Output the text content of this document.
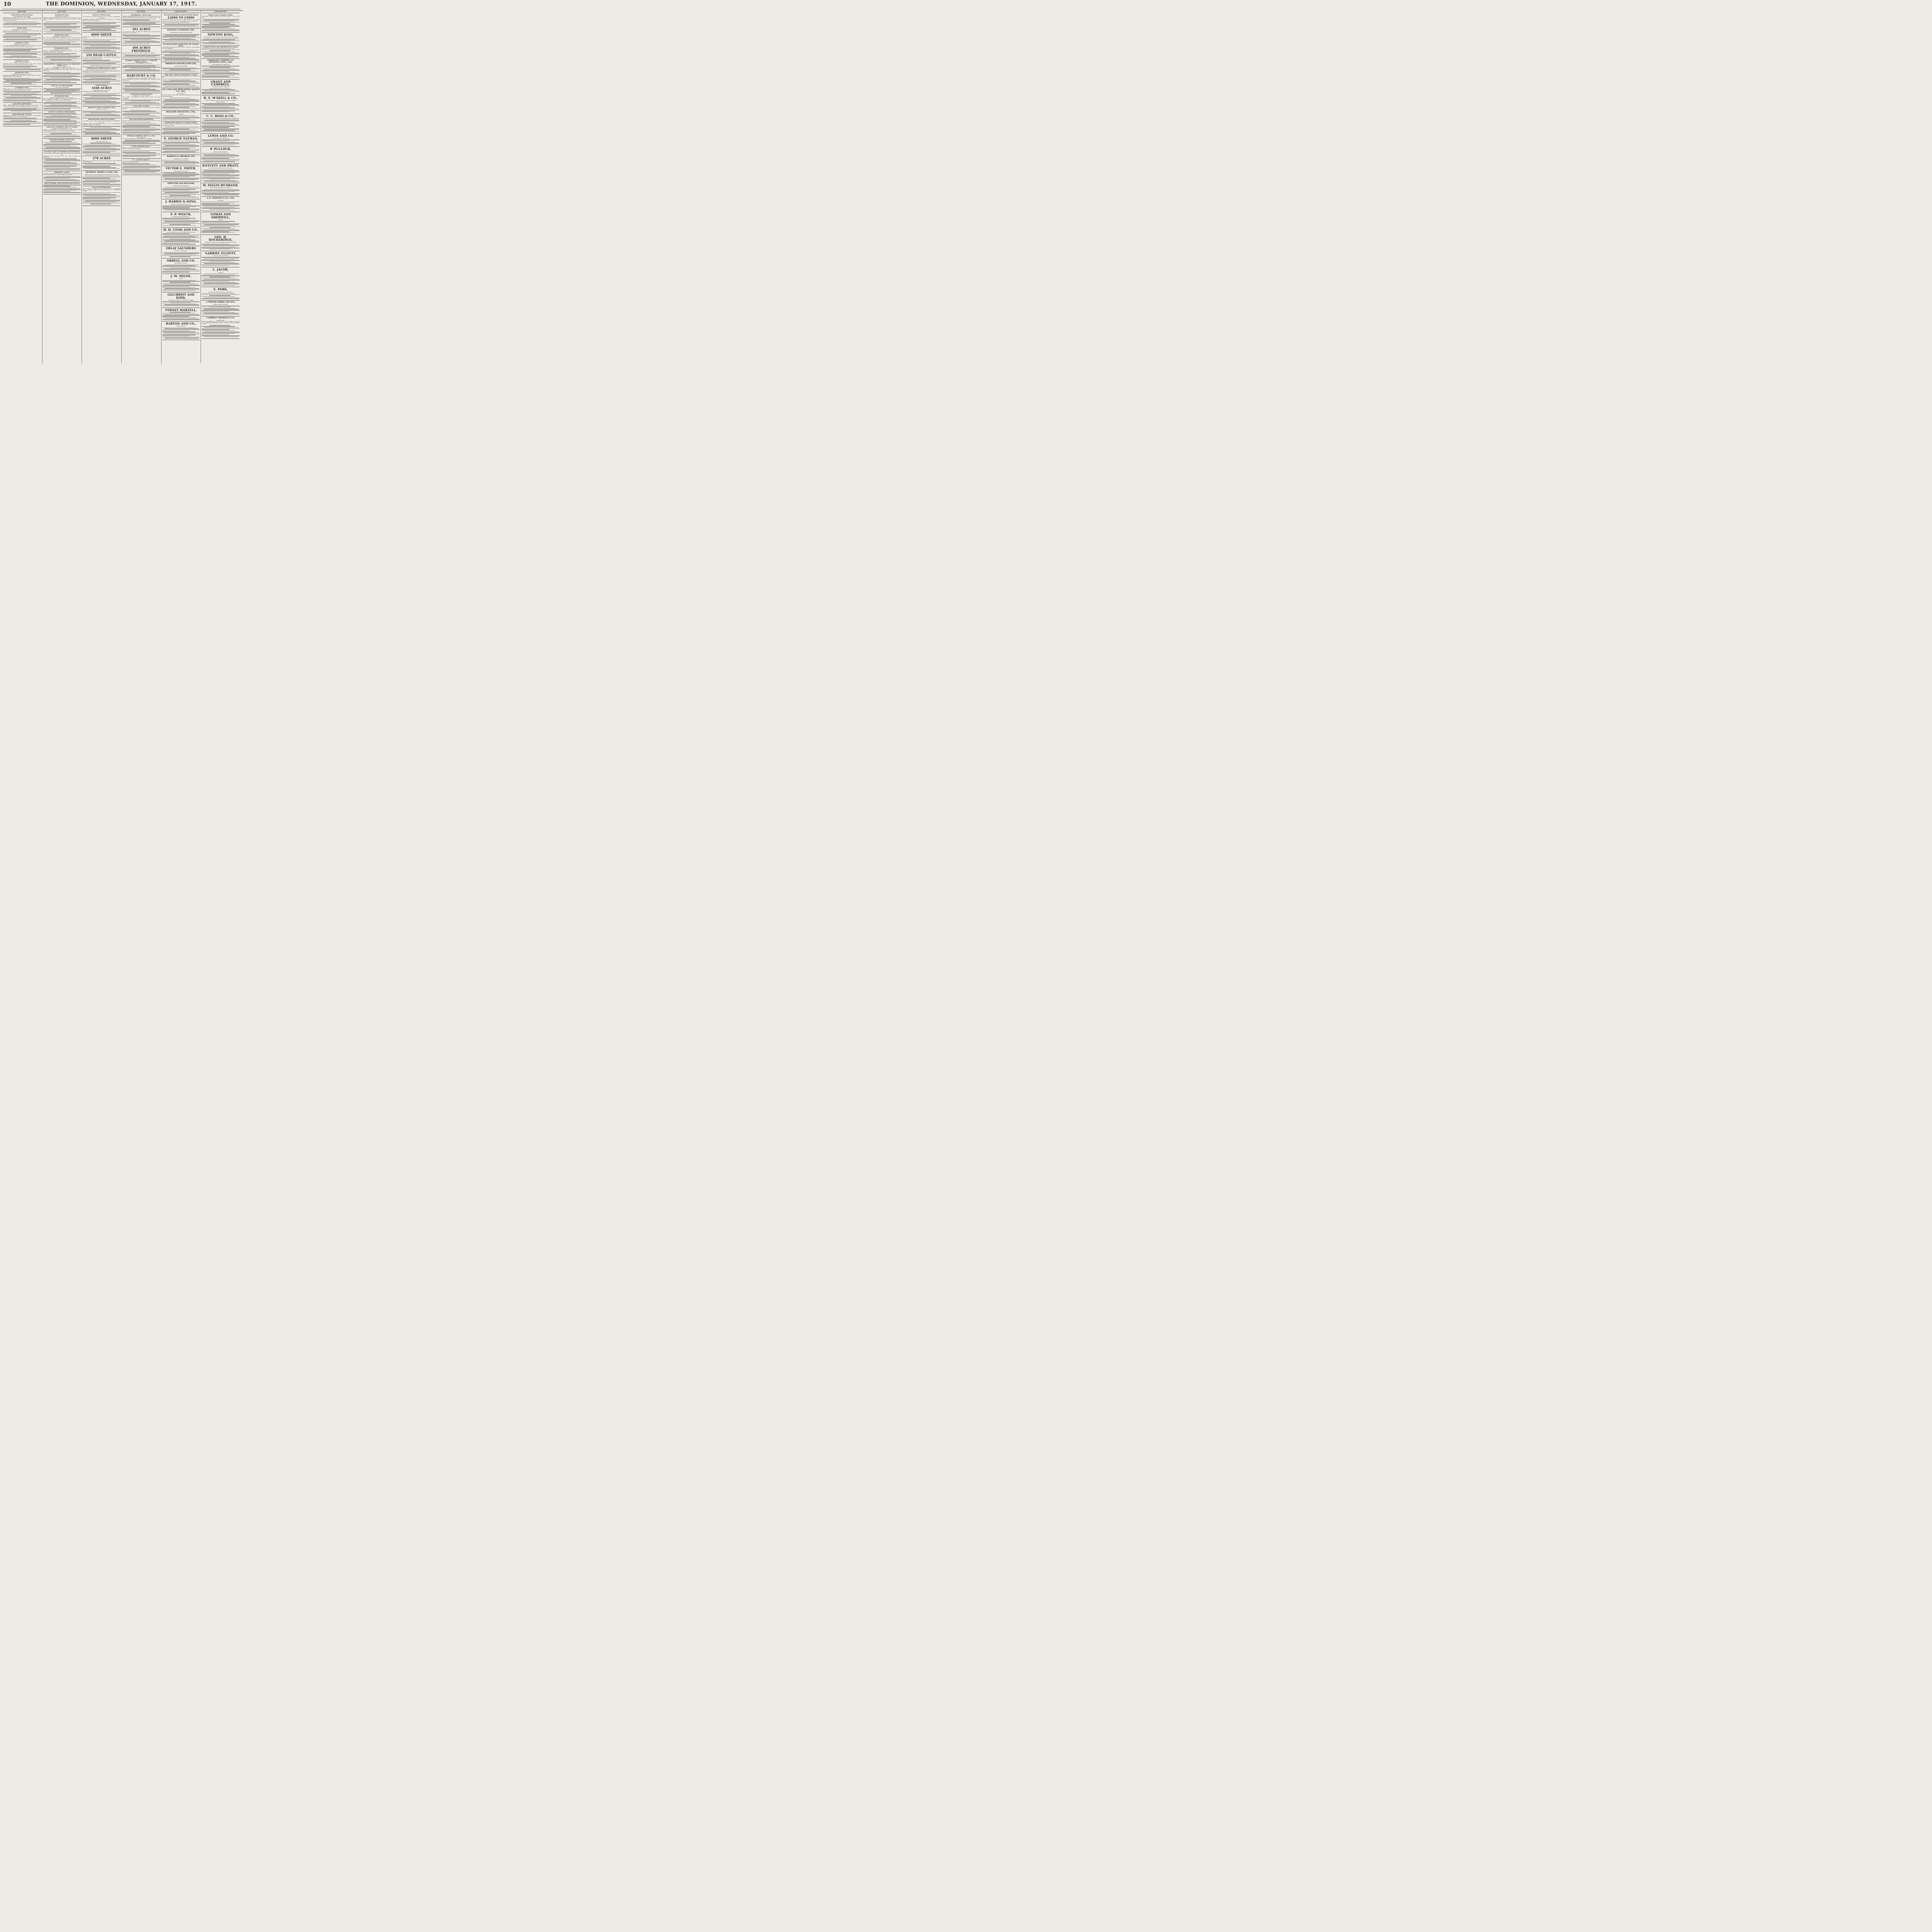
10	THE DOMINION, WEDNESDAY, JANUARY 17, 1917.
AUCTIONS.
MASTERTON STOCK SALE.
COLOMBO ROAD SALEYARDS.

WEDNESDAY, JANUARY 17th, At 11 a.m. SHEEP— 370 good rape lambs, 400 2 and 4-tooth wethers (good line), 500 2-tooth wethers, 120 f.f. lambs, fat and forward.

OTAKI SALE.
WEDNESDAY, 17th JANUARY, 1917.

ABRAHAM AND WILLIAMS, LTD., will sell at 1 p.m.— 50 fat lambs, 30 fat ewes, 30 ewes and lambs, 40 mixed sheep.

PAHIATUA SALE.
FRIDAY, 19th JANUARY, 1917.

N.Z. LOAN AND MERCANTILE AGENCY CO., LTD., will offer for sale at 1 p.m. the following— 300 2 and 4-tooth wethers (good).

PAHIATUA SALE.
FRIDAY, 19th JANUARY, 1917.

DALGETY AND CO., LTD., will sell as above— 220 2-tooth wethers (gotts), 60 fat ewes, 105 fat and forward 4-tooth wethers.

HINAKURA SALE.
SATURDAY, FEBRUARY 3rd, 1917.

WRIGHT, STEPHENSON AND CO., LTD., will sell as above (in Messrs. Sutherland Bros.' Yards), Hinakura.

CLEARING SALE.

LEVIN AND CO., LTD., Masterton (in conjunction with W. H. Cruickshank), are favoured with instructions to sell.

LUNCHEON PROVIDED.

TRAIN ARRANGEMENTS.—Intending purchasers can reach the property. Further particulars from GORDON ELLIOTT, Auctioneer.

PRELIMINARY NOTICE.

FREEMAN R. JACKSON AND CO., LTD., in conjunction with WRIGHT, STEPHENSON AND CO., LTD. Particulars later.

AUCTIONS.
WAIKANAE SALE.
THURSDAY, JANUARY 18.

MESSRS. DALGETY AND CO., LTD., will sell— 70 fat bullocks, 8 cows in milk, guaranteed sound and young, 2 fat cows, 25 fat and forward cows.

WAIKANAE SALE.
THURSDAY, 18th JANUARY, 1917.

N.Z. LOAN AND MERCANTILE AGENCY CO., LTD., will offer for sale at 12 noon, the following— 300 2 and 4-tooth fat and forward wethers.

WAIKANAE SALE.
THURSDAY, 18th JANUARY, 1917.

MESSRS. ABRAHAM AND WILLIAMS, LTD., will sell at 1 p.m.— 120 fat wethers, 50 fat lambs, 30 fat ewes.

UNRESERVED CLEARING SALE OF BREEDING EWES, ETC.
THURSDAY, 25th JANUARY, 1917.

AT OKIRAE, NEAR FORDELL. LEVIN AND COMPANY, LTD., in conjunction with ABRAHAM AND WILLIAMS, LTD., have received instructions.

SALE AT 12 NOON SHARP.
LUNCHEON PROVIDED.
HINAKURA SALE.
MONDAY, JANUARY 29th, At 12.30 o'clock.

THE WAIRARAPA FARMERS' CO-OPERATIVE ASSOCIATION, LTD. Stock Department, will offer as above. 3181 SHEEP.

LIGHT LUNCHEON OBTAINABLE.
LAND AND CLEARING SALE AT OTAKI,
SATURDAY, 20th JANUARY, at 1 P.M.

OWING to ill-health, Mr. Lionel Drewitt has instructed the N.Z. LOAN & MERCANTILE AGENCY CO., LTD., to sell on the Property.

FURTHER ENTRIES SOLICITED.
AUCTION SALE OF FREEHOLD PROPERTIES.
AT THE FARM, 1-MILE FROM SHANNON. FRIDAY, 2nd FEBRUARY, 1917.

ABRAHAM AND WILLIAMS, LTD., have been favoured with instructions.

PROPERTY GUIDE,

containing over 200 Properties, from quarter acre to 10,000 acres, for Sale and Exchange. Free. COLIN NORRIS, TAURANGA.

FOR FURTHER LAND NOTICES SEE PAGE 8
AUCTIONS.
ANNUAL STOCK SALE.
At Mr. M'Gregor's Yards (Kindly lent for the occasion). HIKORANGI, TE WHARAU.

THURSDAY, JANUARY 18th, 1917, At 12 Noon sharp. A. J. COOPER AND CO. will sell as advertised.

6000 SHEEP.

Account Mr. J. M'Gregor, Esq.— 1600 2-tooth Romney-Lincoln cross wethers.

350 HEAD CATTLE.

70 yearling Polled Angus-Shorthorn cross steers. Light Luncheon Provided. A. J. COOPER, Auctioneer.

IMPORTANT SUBDIVISIONAL SALE.
APLEY ESTATE. TUESDAY, 30th JANUARY, 1917, At 2 p.m.

HOADLEY, SON, & STEWART, LTD., have received instructions from H. E. Russell, Esq., to offer by public auction.

APLEY ESTATE,
3448 ACRES
SUBDIVIDED INTO 5 BLOCKS.

VARYING IN AREA FROM 350 TO 960 ACRES.

HOADLEY, SON & STEWART, LTD.,
Auctioneers, Napier.
PRELIMINARY ANNOUNCEMENT.
CLEARING SALE. TABLELANDS, MARTINBOROUGH. FEBRUARY 17, 1917.

MESSRS. WRIGHT, STEPHENSON AND CO., LTD., and WAIRARAPA FARMERS' ASSN., LTD., will offer.

8000 SHEEP.
Full particulars later.
378 ACRES

Marri Lease, compensation £3 per acre improvements. WELL WORTH INVESTIGATION.

THOMSON, BROWN & EAST, LTD.
FARM AGENTS, 109 FEATHERSTON STREET, WELLINGTON.
STOCK FOR FREEZING.

We are Buyers of Wethers, Ewes and Lambs, also Ox, Cow, and Bull Beef in quarters. MELLSOP, ELLIOTT AND CO., PALMERSTON NORTH.

AUCTIONS.
IMPORTANT LAND SALE.

MESSRS. MURRAY, ROBERTS AND CO., LTD., Wellington, have been favoured with instructions from the Executor of the late Lassen, to sell.

392 ACRES

L.I.P., situated at Mara, 40 miles from Pahiatua. The Property is ring fenced, with 7 and 8 wires.

400 ACRES FREEHOLD.

This Property is also situated at Mara, 40 miles from Pahiatua.

MURRAY, ROBERTS AND CO., LIMITED, WELLINGTON,

Or their Representatives at MASTERTON or FEILDING.

HARCOURT & CO.
LAND AGENTS AND AUCTIONEERS, WELLINGTON.

GOING CONCERN. FOR SALE. 2000 ACRES, a fine property, 4 miles from a town.

A SPLENDID PROPOSITION.
EXCEPTIONALLY EASY TERMS.

1110 ACRES, rich fattening country, still in grass; 600 acres ploughable.

CITY MILK SUPPLY.

100 ACRES of splendid dairy land, one half hilly and half undulating and flat.

TWO SPLENDID PROPERTIES.

WE have been favoured with instructions from the Executor of the Estate of the late Godfrey Lassen to sell these Farms.

MURRAY, ROBERTS AND CO., LTD.,
WELLINGTON.

Or their Representatives at MASTERTON or FEILDING.

YOUR OPPORTUNITY!!!

HAVE you thought of the Fruit-growing Proposition? Do you know that there is no other class of farming?

P. L. LOMAX AND CO.,

Orchard Specialists and Supervisors, MOTUEKA. THOMSON, BROWN & EAST, LTD., WELLINGTON.

LAND NOTICES.
WE HAVE SEVERAL CLIENTS WITH FROM
£2000 TO £5000

DESIROUS of Purchasing from 700 to 2000 ACRES of Good Grazing Country. IF YOU WANT TO SELL YOUR FARM Send us particulars.

DALGETY & COMPANY, LTD.,
FEATHERSTON STREET, WELLINGTON.
NO REASONABLE OFFER WILL BE TURNED DOWN.

1100 ACRES, comprising Sections 10 and 11, Block VI., Awarua Parish, County of Rangitikei.

ABRAHAM AND WILLIAMS LTD.,
PALMERSTON NORTH.
FOR SALE—CHOICE MANAWATU LANDS.

650 ACRES, situated within 1 mile from Cheese Factory, 2 miles from rail.

N.Z. LOAN AND MERCANTILE AGENCY CO., LTD.,
WELLINGTON.

BUSH PROPERTY FOR SALE, OR WILL EXCHANGE EQUITY FOR A GOOD MORTGAGE.

WILLIAMS AND KETTLE, LTD.,
NAPIER.
ATTRACTIVE HOME AT GOLDIE'S BRAE.

FOR SALE, Modern 7-roomed House, having every convenience, including electric light.

S. GEORGE NATHAN,
Auctioneer and Estate Agent, 113-115 CUSTOMHOUSE QUAY.
BARRAUD & ABRAHAM, LTD.
AGENTS, ETC., TE KUITI.
VICTOR E. SMITH,
LAND AGENT, FEILDING.
GRIFFITHS AND WILLIAMS,
WARD STREET, HAMILTON.
J. HARRIS & SONS,
MARTON AND MARTON JUNCTION.
F. P. WELCH,
ESTATE AGENT, MASTERTON.
H. H. COOK AND CO.,
LAND SALESMEN, 24 GREY STREET, WELLINGTON.
IMLAY SAUNDERS
BOX 201, WANGANUI.
ORBELL AND CO.
PALMERSTON NORTH.
J. M. MILNE,
LEVIN.
GILCHRIST AND KIDD,
RANGITIKEI STREET, PALMERSTON NORTH.
SYDNEY MARTELL,
BARTON AND CO.,
OTAKI RAILWAY.
LAND NOTICES.
FIRST-CLASS GRAZING FARM.

400 ACRES, Freehold, 300 acres in splendid pasture, 50 acres good bush.

NEWTON KING,
AUCTIONEER, LAND & FINANCIAL AGENT, NEW PLYMOUTH.
A FARM WITH A BIG PROSPECTIVE VALUE.
WAIRARAPA FARMERS' CO-OPERATIVE ASSN., LTD.,
LAND DEPARTMENT, PAHIATUA.
GRANT AND CAMPBELL,
OPP. POST OFFICE, HAWERA.
H. F. M'NEILL & CO.,
LAND & ESTATE AGENTS, 18 FEATHERSTON STREET, WELLINGTON.
C. C. ROSS & CO.,
LAND AND ESTATE AGENTS AND SHAREBROKERS, MASTERTON.
LEWIS AND CO.
LAND AGENTS, WANGANUI.
P. PULLOCH,
LAND AGENT, PAHIATUA.
KNYVETT AND PRATT,
STOCK AND ESTATE AGENTS, FEILDING.
W. INGLIS HUSBAND,
LAND AGENT, PAHIATUA (Old Settler).
A. H. ATKINSON & CO., LTD.,
FEILDING.
LOMAX AND SHERWILL,
TAKAPAU.
GEO. H. HOCKERIDGE,
ESTATE and GENERAL COMMISSION AGENT, ELTHAM.
GABRIEL ELLIOTT,
TE KUITI, KING COUNTRY.
L. JACOB,
TE KUITI.
E. PARK,
STOCK AND STATION AGENT, WANGANUI.
J. PORTER HARRIS AND SON,
HARDY STREET, NELSON.
CAMPBELL THOMSON & CO.,
DANNEVIRKE.

Printed and Published by Archibald Sando, Tainui Terrace, Lyall Bay, for the Wellington Publishing Company, Limited. Wednesday, January 17, 1917.
